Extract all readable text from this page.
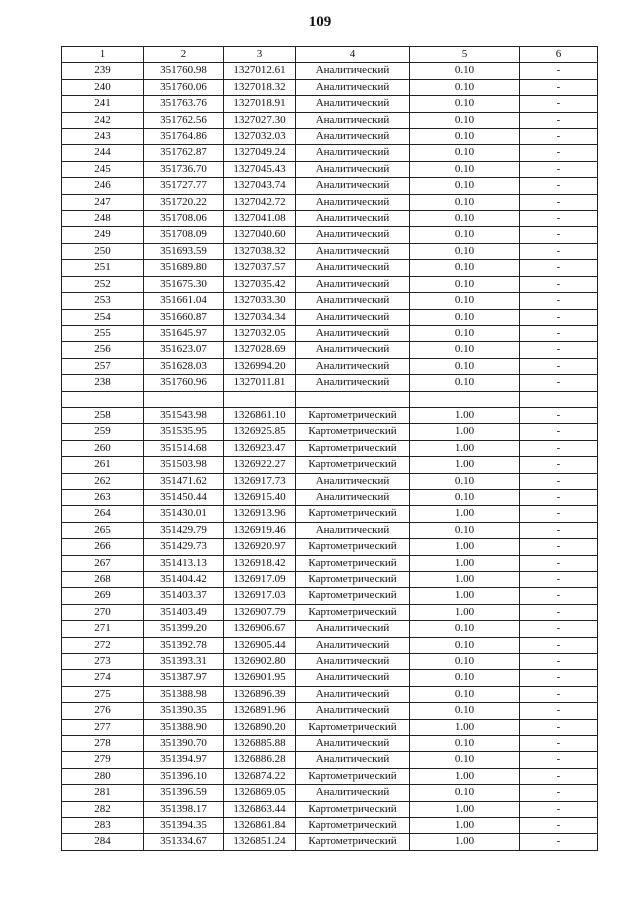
109
1	2	3	4	5	6
239	351760.98	1327012.61	Аналитический	0.10	-
240	351760.06	1327018.32	Аналитический	0.10	-
241	351763.76	1327018.91	Аналитический	0.10	-
242	351762.56	1327027.30	Аналитический	0.10	-
243	351764.86	1327032.03	Аналитический	0.10	-
244	351762.87	1327049.24	Аналитический	0.10	-
245	351736.70	1327045.43	Аналитический	0.10	-
246	351727.77	1327043.74	Аналитический	0.10	-
247	351720.22	1327042.72	Аналитический	0.10	-
248	351708.06	1327041.08	Аналитический	0.10	-
249	351708.09	1327040.60	Аналитический	0.10	-
250	351693.59	1327038.32	Аналитический	0.10	-
251	351689.80	1327037.57	Аналитический	0.10	-
252	351675.30	1327035.42	Аналитический	0.10	-
253	351661.04	1327033.30	Аналитический	0.10	-
254	351660.87	1327034.34	Аналитический	0.10	-
255	351645.97	1327032.05	Аналитический	0.10	-
256	351623.07	1327028.69	Аналитический	0.10	-
257	351628.03	1326994.20	Аналитический	0.10	-
238	351760.96	1327011.81	Аналитический	0.10	-

258	351543.98	1326861.10	Картометрический	1.00	-
259	351535.95	1326925.85	Картометрический	1.00	-
260	351514.68	1326923.47	Картометрический	1.00	-
261	351503.98	1326922.27	Картометрический	1.00	-
262	351471.62	1326917.73	Аналитический	0.10	-
263	351450.44	1326915.40	Аналитический	0.10	-
264	351430.01	1326913.96	Картометрический	1.00	-
265	351429.79	1326919.46	Аналитический	0.10	-
266	351429.73	1326920.97	Картометрический	1.00	-
267	351413.13	1326918.42	Картометрический	1.00	-
268	351404.42	1326917.09	Картометрический	1.00	-
269	351403.37	1326917.03	Картометрический	1.00	-
270	351403.49	1326907.79	Картометрический	1.00	-
271	351399.20	1326906.67	Аналитический	0.10	-
272	351392.78	1326905.44	Аналитический	0.10	-
273	351393.31	1326902.80	Аналитический	0.10	-
274	351387.97	1326901.95	Аналитический	0.10	-
275	351388.98	1326896.39	Аналитический	0.10	-
276	351390.35	1326891.96	Аналитический	0.10	-
277	351388.90	1326890.20	Картометрический	1.00	-
278	351390.70	1326885.88	Аналитический	0.10	-
279	351394.97	1326886.28	Аналитический	0.10	-
280	351396.10	1326874.22	Картометрический	1.00	-
281	351396.59	1326869.05	Аналитический	0.10	-
282	351398.17	1326863.44	Картометрический	1.00	-
283	351394.35	1326861.84	Картометрический	1.00	-
284	351334.67	1326851.24	Картометрический	1.00	-
